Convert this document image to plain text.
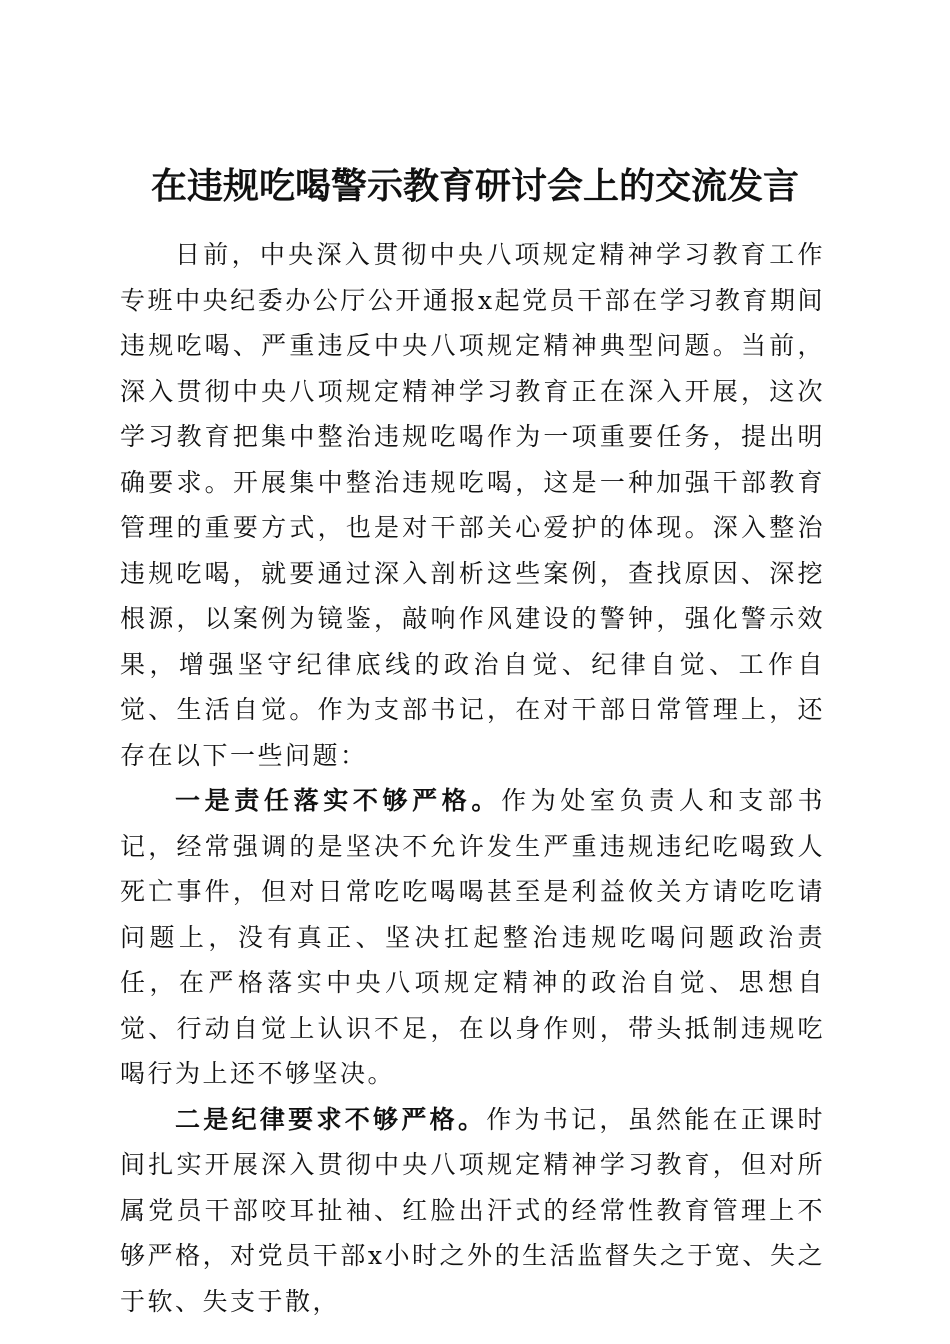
在违规吃喝警示教育研讨会上的交流发言

日前，中央深入贯彻中央八项规定精神学习教育工作专班中央纪委办公厅公开通报x起党员干部在学习教育期间违规吃喝、严重违反中央八项规定精神典型问题。当前，深入贯彻中央八项规定精神学习教育正在深入开展，这次学习教育把集中整治违规吃喝作为一项重要任务，提出明确要求。开展集中整治违规吃喝，这是一种加强干部教育管理的重要方式，也是对干部关心爱护的体现。深入整治违规吃喝，就要通过深入剖析这些案例，查找原因、深挖根源，以案例为镜鉴，敲响作风建设的警钟，强化警示效果，增强坚守纪律底线的政治自觉、纪律自觉、工作自觉、生活自觉。作为支部书记，在对干部日常管理上，还存在以下一些问题：

一是责任落实不够严格。作为处室负责人和支部书记，经常强调的是坚决不允许发生严重违规违纪吃喝致人死亡事件，但对日常吃吃喝喝甚至是利益攸关方请吃吃请问题上，没有真正、坚决扛起整治违规吃喝问题政治责任，在严格落实中央八项规定精神的政治自觉、思想自觉、行动自觉上认识不足，在以身作则，带头抵制违规吃喝行为上还不够坚决。

二是纪律要求不够严格。作为书记，虽然能在正课时间扎实开展深入贯彻中央八项规定精神学习教育，但对所属党员干部咬耳扯袖、红脸出汗式的经常性教育管理上不够严格，对党员干部x小时之外的生活监督失之于宽、失之于软、失支于散，
